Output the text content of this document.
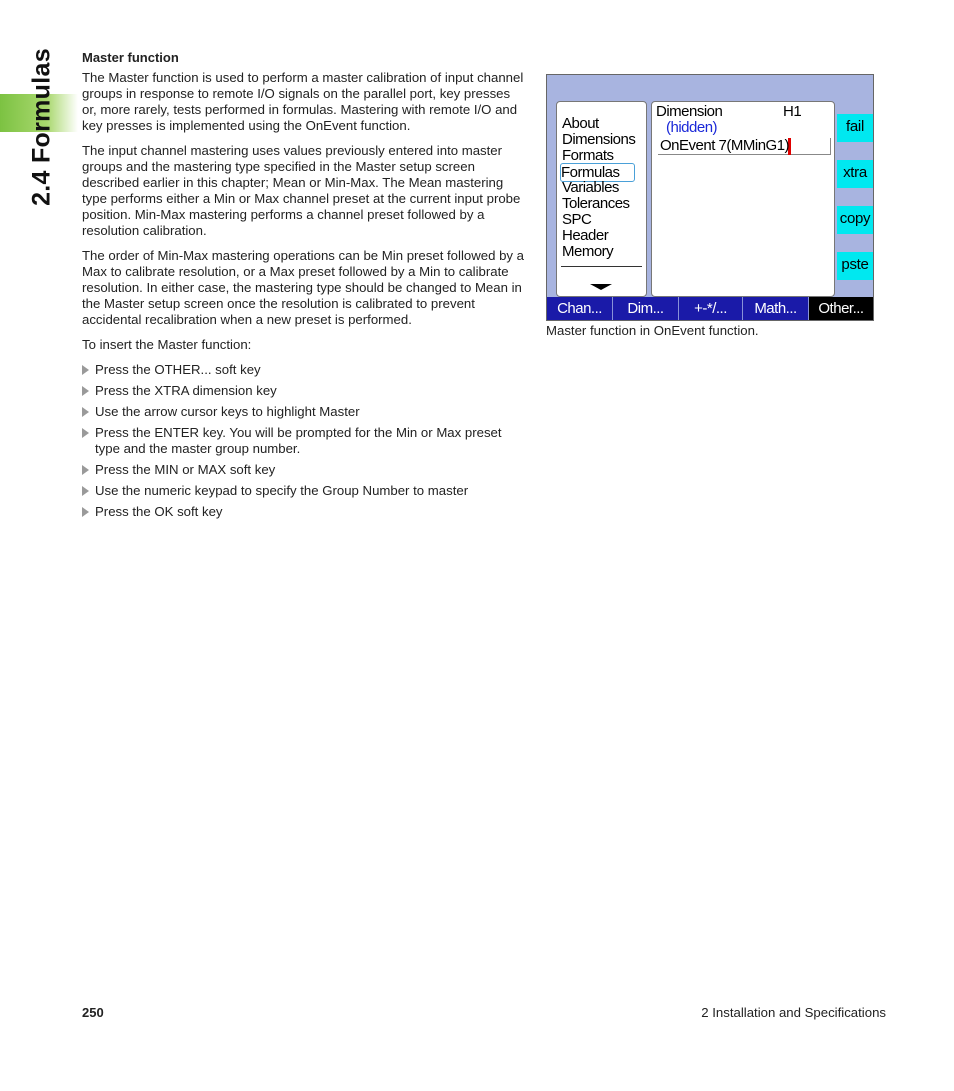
2.4 Formulas Master function

The Master function is used to perform a master calibration of input channel groups in response to remote I/O signals on the parallel port, key presses or, more rarely, tests performed in formulas. Mastering with remote I/O and key presses is implemented using the OnEvent function.

The input channel mastering uses values previously entered into master groups and the mastering type specified in the Master setup screen described earlier in this chapter; Mean or Min-Max. The Mean mastering type performs either a Min or Max channel preset at the current input probe position. Min-Max mastering performs a channel preset followed by a resolution calibration.

The order of Min-Max mastering operations can be Min preset followed by a Max to calibrate resolution, or a Max preset followed by a Min to calibrate resolution. In either case, the mastering type should be changed to Mean in the Master setup screen once the resolution is calibrated to prevent accidental recalibration when a new preset is performed.

To insert the Master function:

Press the OTHER... soft key
Press the XTRA dimension key
Use the arrow cursor keys to highlight Master
Press the ENTER key. You will be prompted for the Min or Max preset type and the master group number.
Press the MIN or MAX soft key
Use the numeric keypad to specify the Group Number to master
Press the OK soft key
About
Dimensions
Formats
Formulas
Variables
Tolerances
SPC
Header
Memory
Dimension	H1
(hidden)
OnEvent 7(MMinG1)
fail
xtra
copy
pste
Chan...	Dim...	+-*/...	Math...	Other...
Master function in OnEvent function.
250	2 Installation and Specifications
